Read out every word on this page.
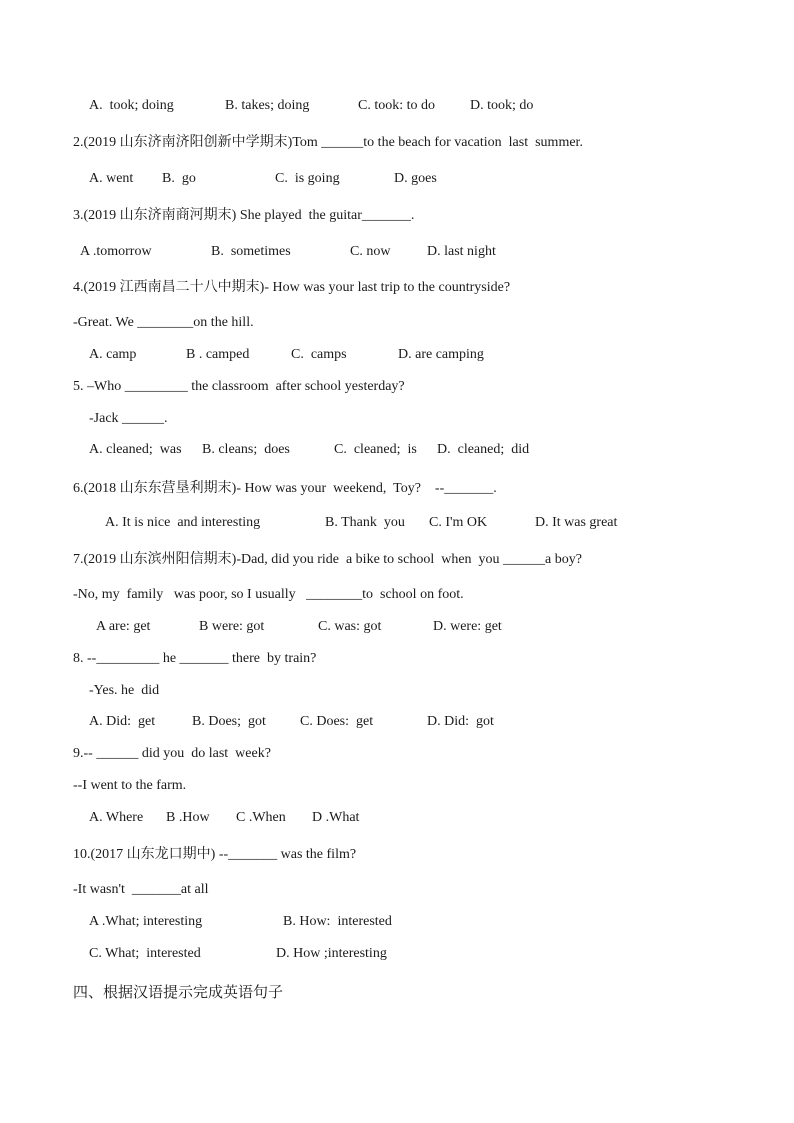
A.  took; doing	B. takes; doing	C. took: to do D. took; do
2.(2019 山东济南济阳创新中学期末)Tom ______to the beach for vacation  last  summer.
A. went B.  go	C.  is going	D. goes
3.(2019 山东济南商河期末) She played  the guitar_______.
A .tomorrow	B.  sometimes	C. now	D. last night
4.(2019 江西南昌二十八中期末)- How was your last trip to the countryside?
-Great. We ________on the hill.
A. camp	B . camped	C.  camps	D. are camping
5. –Who _________ the classroom  after school yesterday?
-Jack ______.
A. cleaned;  was B. cleans;  does	C.  cleaned;  is D.  cleaned;  did
6.(2018 山东东营垦利期末)- How was your  weekend,  Toy?    --_______.
A. It is nice  and interesting	B. Thank  you C. I'm OK	D. It was great
7.(2019 山东滨州阳信期末)-Dad, did you ride  a bike to school  when  you ______a boy?
-No, my  family   was poor, so I usually   ________to  school on foot.
A are: get	B were: got	C. was: got	D. were: get
8. --_________ he _______ there  by train?
-Yes. he  did
A. Did:  get	B. Does;  got C. Does:  get	D. Did:  got
9.-- ______ did you  do last  week?
--I went to the farm.
A. Where B .How C .When D .What
10.(2017 山东龙口期中) --_______ was the film?
-It wasn't  _______at all
A .What; interesting	B. How:  interested
C. What;  interested	D. How ;interesting
四、根据汉语提示完成英语句子
